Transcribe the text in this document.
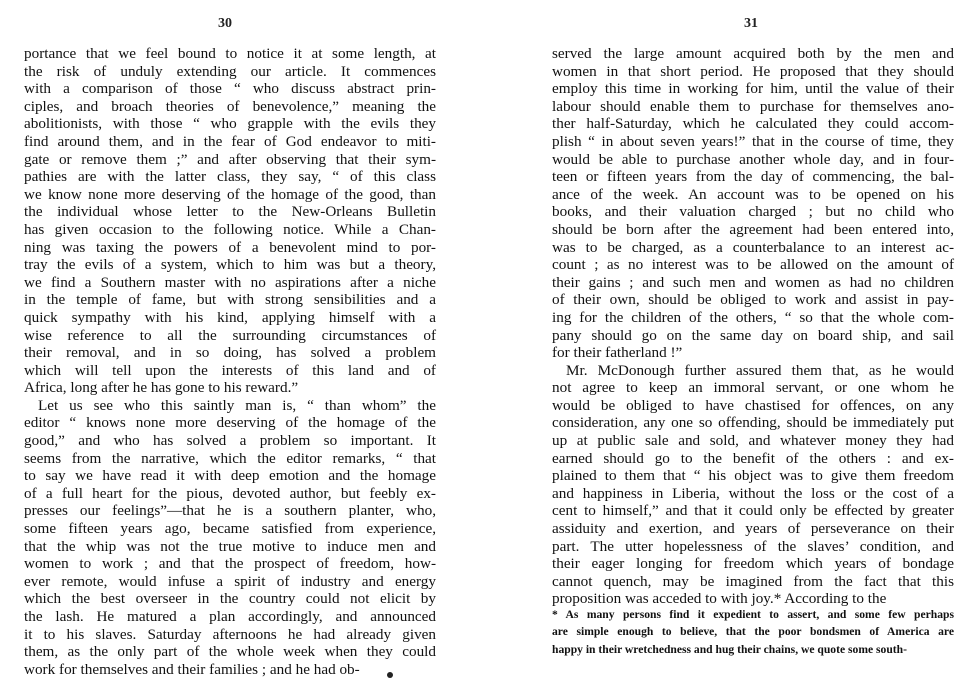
30
portance that we feel bound to notice it at some length, at
the risk of unduly extending our article. It commences
with a comparison of those “ who discuss abstract prin-
ciples, and broach theories of benevolence,” meaning the
abolitionists, with those “ who grapple with the evils they
find around them, and in the fear of God endeavor to miti-
gate or remove them ;” and after observing that their sym-
pathies are with the latter class, they say, “ of this class
we know none more deserving of the homage of the good, than
the individual whose letter to the New-Orleans Bulletin
has given occasion to the following notice. While a Chan-
ning was taxing the powers of a benevolent mind to por-
tray the evils of a system, which to him was but a theory,
we find a Southern master with no aspirations after a niche
in the temple of fame, but with strong sensibilities and a
quick sympathy with his kind, applying himself with a
wise reference to all the surrounding circumstances of
their removal, and in so doing, has solved a problem
which will tell upon the interests of this land and of
Africa, long after he has gone to his reward.”
Let us see who this saintly man is, “ than whom” the
editor “ knows none more deserving of the homage of the
good,” and who has solved a problem so important. It
seems from the narrative, which the editor remarks, “ that
to say we have read it with deep emotion and the homage
of a full heart for the pious, devoted author, but feebly ex-
presses our feelings”—that he is a southern planter, who,
some fifteen years ago, became satisfied from experience,
that the whip was not the true motive to induce men and
women to work ; and that the prospect of freedom, how-
ever remote, would infuse a spirit of industry and energy
which the best overseer in the country could not elicit by
the lash. He matured a plan accordingly, and announced
it to his slaves. Saturday afternoons he had already given
them, as the only part of the whole week when they could
work for themselves and their families ; and he had ob-
31
served the large amount acquired both by the men and
women in that short period. He proposed that they should
employ this time in working for him, until the value of their
labour should enable them to purchase for themselves ano-
ther half-Saturday, which he calculated they could accom-
plish “ in about seven years!” that in the course of time, they
would be able to purchase another whole day, and in four-
teen or fifteen years from the day of commencing, the bal-
ance of the week. An account was to be opened on his
books, and their valuation charged ; but no child who
should be born after the agreement had been entered into,
was to be charged, as a counterbalance to an interest ac-
count ; as no interest was to be allowed on the amount of
their gains ; and such men and women as had no children
of their own, should be obliged to work and assist in pay-
ing for the children of the others, “ so that the whole com-
pany should go on the same day on board ship, and sail
for their fatherland !”
Mr. McDonough further assured them that, as he would
not agree to keep an immoral servant, or one whom he
would be obliged to have chastised for offences, on any
consideration, any one so offending, should be immediately put
up at public sale and sold, and whatever money they had
earned should go to the benefit of the others : and ex-
plained to them that “ his object was to give them freedom
and happiness in Liberia, without the loss or the cost of a
cent to himself,” and that it could only be effected by greater
assiduity and exertion, and years of perseverance on their
part. The utter hopelessness of the slaves’ condition, and
their eager longing for freedom which years of bondage
cannot quench, may be imagined from the fact that this
proposition was acceded to with joy.* According to the
* As many persons find it expedient to assert, and some few perhaps
are simple enough to believe, that the poor bondsmen of America are
happy in their wretchedness and hug their chains, we quote some south-
